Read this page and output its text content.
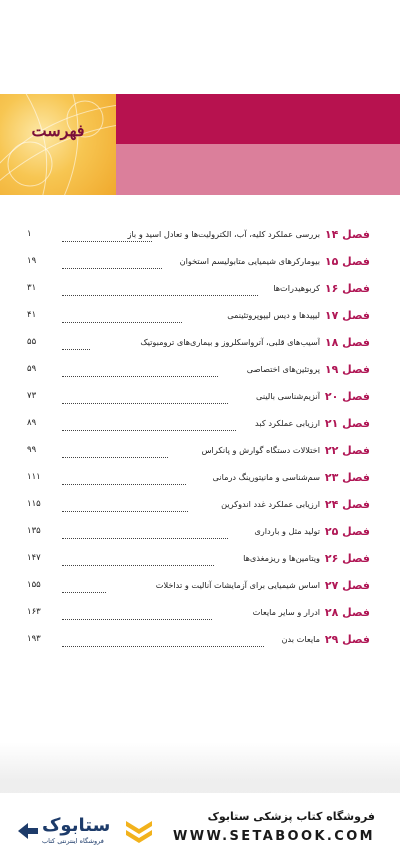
فهرست
فصل ۱۴
بررسی عملکرد کلیه، آب، الکترولیت‌ها و تعادل اسید و باز
۱
فصل ۱۵
بیومارکرهای شیمیایی متابولیسم استخوان
۱۹
فصل ۱۶
کربوهیدرات‌ها
۳۱
فصل ۱۷
لیپیدها و دیس لیپوپروتئینمی
۴۱
فصل ۱۸
آسیب‌های قلبی، آترواسکلروز و بیماری‌های ترومبوتیک
۵۵
فصل ۱۹
پروتئین‌های اختصاصی
۵۹
فصل ۲۰
آنزیم‌شناسی بالینی
۷۳
فصل ۲۱
ارزیابی عملکرد کبد
۸۹
فصل ۲۲
اختلالات دستگاه گوارش و پانکراس
۹۹
فصل ۲۳
سم‌شناسی و مانیتورینگ درمانی
۱۱۱
فصل ۲۴
ارزیابی عملکرد غدد اندوکرین
۱۱۵
فصل ۲۵
تولید مثل و بارداری
۱۳۵
فصل ۲۶
ویتامین‌ها و ریزمغذی‌ها
۱۴۷
فصل ۲۷
اساس شیمیایی برای آزمایشات آنالیت و تداخلات
۱۵۵
فصل ۲۸
ادرار و سایر مایعات
۱۶۳
فصل ۲۹
مایعات بدن
۱۹۳
ستابوک
فروشگاه اینترنتی کتاب
فروشگاه کتاب پزشکی ستابوک
WWW.SETABOOK.COM
